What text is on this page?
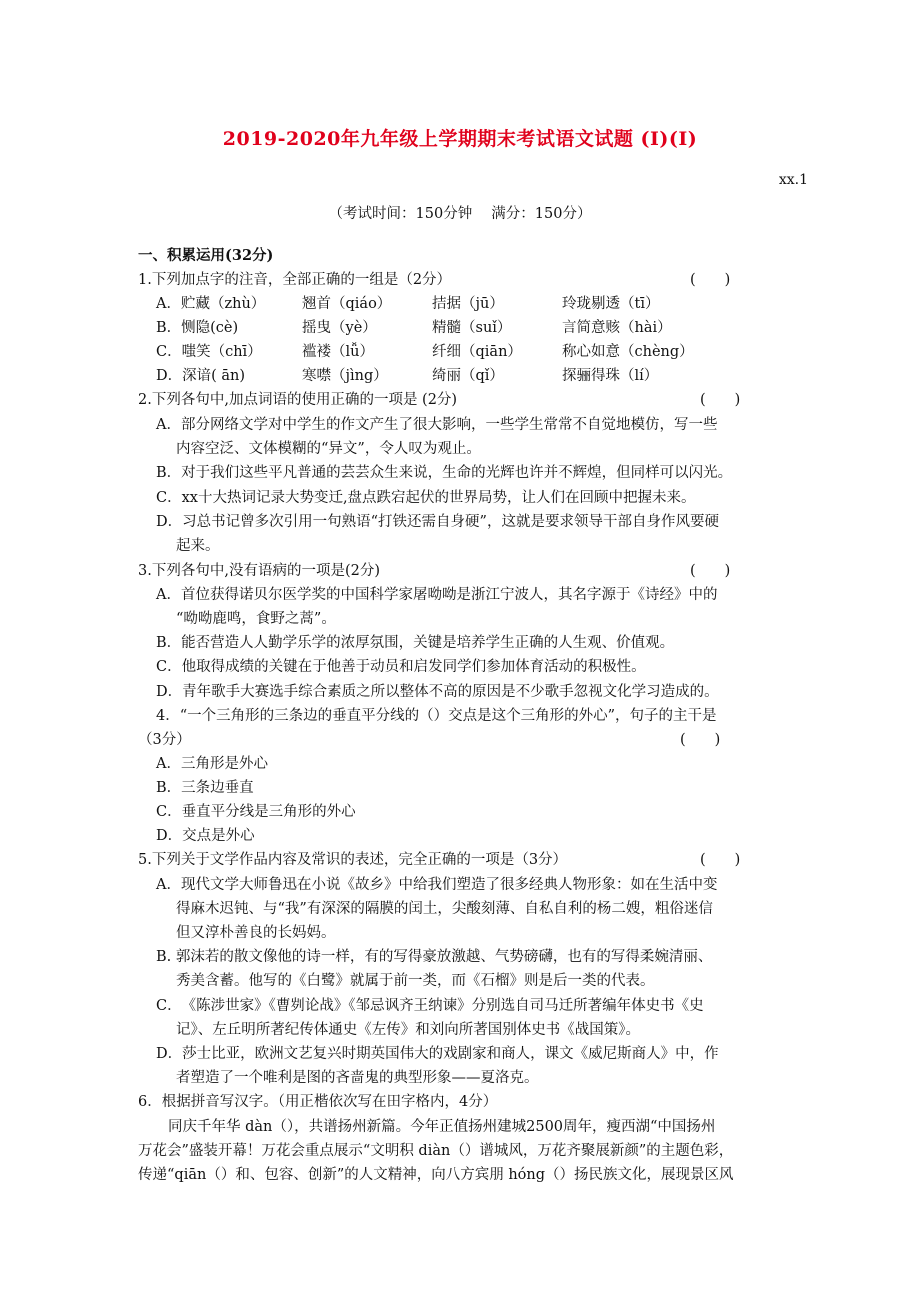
2019-2020年九年级上学期期末考试语文试题 (I)(I)
xx.1
（考试时间：150分钟　 满分：150分）
一、积累运用(32分)
1.下列加点字的注音，全部正确的一组是（2分）	(　　)
A．贮藏（zhù）	翘首（qiáo）	拮据（jū）	玲珑剔透（tī）
B．恻隐(cè)	摇曳（yè）	精髓（suǐ）	言简意赅（hài）
C．嗤笑（chī）	褴褛（lǚ）	纤细（qiān）	称心如意（chèng）
D．深谙( ān)	寒噤（jìng）	绮丽（qǐ）	探骊得珠（lí）
2.下列各句中,加点词语的使用正确的一项是 (2分)	(　　)
A．部分网络文学对中学生的作文产生了很大影响，一些学生常常不自觉地模仿，写一些
内容空泛、文体模糊的“异文”，令人叹为观止。
B．对于我们这些平凡普通的芸芸众生来说，生命的光辉也许并不辉煌，但同样可以闪光。
C．xx十大热词记录大势变迁,盘点跌宕起伏的世界局势，让人们在回顾中把握未来。
D．习总书记曾多次引用一句熟语“打铁还需自身硬”，这就是要求领导干部自身作风要硬
起来。
3.下列各句中,没有语病的一项是(2分)	(　　)
A．首位获得诺贝尔医学奖的中国科学家屠呦呦是浙江宁波人，其名字源于《诗经》中的
“呦呦鹿鸣，食野之蒿”。
B．能否营造人人勤学乐学的浓厚氛围，关键是培养学生正确的人生观、价值观。
C．他取得成绩的关键在于他善于动员和启发同学们参加体育活动的积极性。
D．青年歌手大赛选手综合素质之所以整体不高的原因是不少歌手忽视文化学习造成的。
4．“一个三角形的三条边的垂直平分线的（）交点是这个三角形的外心”，句子的主干是
（3分）	(　　)
A．三角形是外心
B．三条边垂直
C．垂直平分线是三角形的外心
D．交点是外心
5.下列关于文学作品内容及常识的表述，完全正确的一项是（3分）	(　　)
A．现代文学大师鲁迅在小说《故乡》中给我们塑造了很多经典人物形象：如在生活中变
得麻木迟钝、与“我”有深深的隔膜的闰土，尖酸刻薄、自私自利的杨二嫂，粗俗迷信
但又淳朴善良的长妈妈。
B. 郭沫若的散文像他的诗一样，有的写得豪放激越、气势磅礴，也有的写得柔婉清丽、
秀美含蓄。他写的《白鹭》就属于前一类，而《石榴》则是后一类的代表。
C．　《陈涉世家》《曹刿论战》《邹忌讽齐王纳谏》分别选自司马迁所著编年体史书《史
记》、左丘明所著纪传体通史《左传》和刘向所著国别体史书《战国策》。
D．莎士比亚，欧洲文艺复兴时期英国伟大的戏剧家和商人，课文《威尼斯商人》中，作
者塑造了一个唯利是图的吝啬鬼的典型形象——夏洛克。
6．根据拼音写汉字。（用正楷依次写在田字格内，4分）
同庆千年华 dàn（），共谱扬州新篇。今年正值扬州建城2500周年，瘦西湖“中国扬州
万花会”盛装开幕！万花会重点展示“文明积 diàn（）谱城风，万花齐聚展新颜”的主题色彩，
传递“qiān（）和、包容、创新”的人文精神，向八方宾朋 hóng（）扬民族文化，展现景区风
